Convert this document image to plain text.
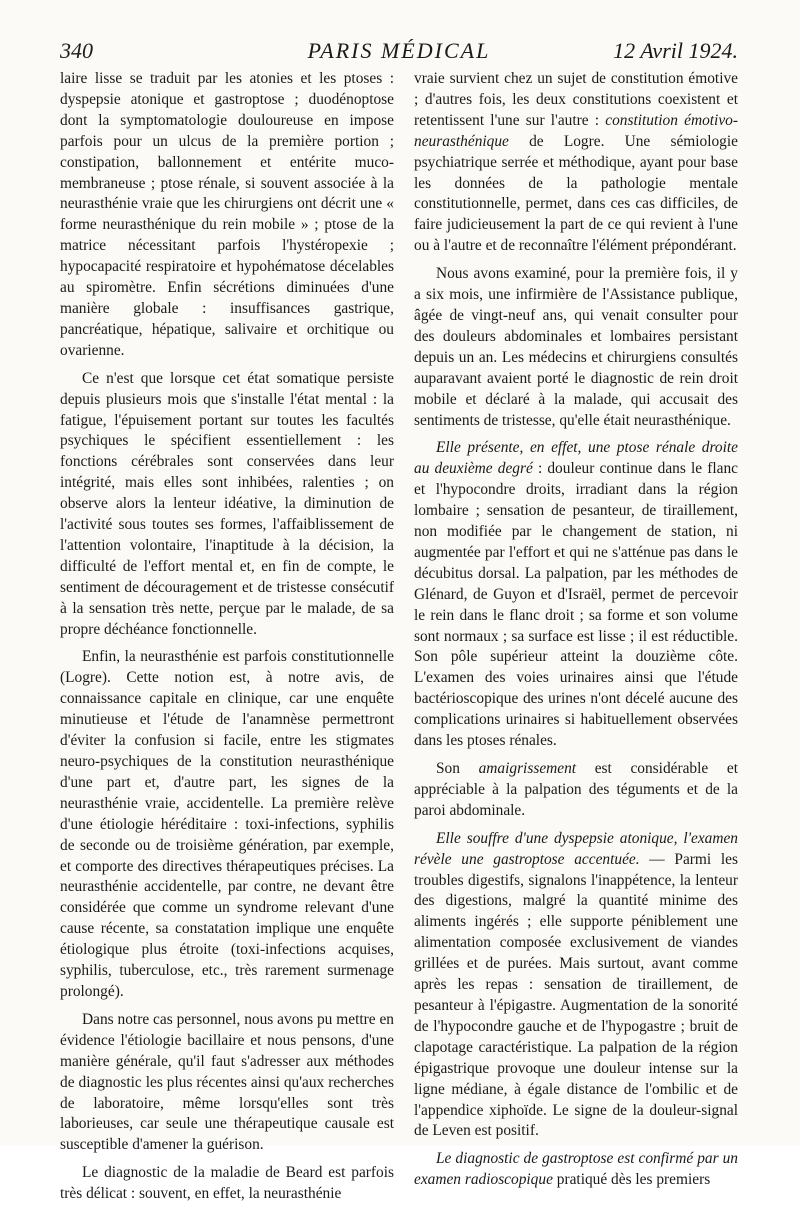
340	PARIS MÉDICAL	12 Avril 1924.

laire lisse se traduit par les atonies et les ptoses : dyspepsie atonique et gastroptose ; duodénoptose dont la symptomatologie douloureuse en impose parfois pour un ulcus de la première portion ; constipation, ballonnement et entérite muco-membraneuse ; ptose rénale, si souvent associée à la neurasthénie vraie que les chirurgiens ont décrit une « forme neurasthénique du rein mobile » ; ptose de la matrice nécessitant parfois l'hystéropexie ; hypocapacité respiratoire et hypohématose décelables au spiromètre. Enfin sécrétions diminuées d'une manière globale : insuffisances gastrique, pancréatique, hépatique, salivaire et orchitique ou ovarienne.

Ce n'est que lorsque cet état somatique persiste depuis plusieurs mois que s'installe l'état mental : la fatigue, l'épuisement portant sur toutes les facultés psychiques le spécifient essentiellement : les fonctions cérébrales sont conservées dans leur intégrité, mais elles sont inhibées, ralenties ; on observe alors la lenteur idéative, la diminution de l'activité sous toutes ses formes, l'affaiblissement de l'attention volontaire, l'inaptitude à la décision, la difficulté de l'effort mental et, en fin de compte, le sentiment de découragement et de tristesse consécutif à la sensation très nette, perçue par le malade, de sa propre déchéance fonctionnelle.

Enfin, la neurasthénie est parfois constitutionnelle (Logre). Cette notion est, à notre avis, de connaissance capitale en clinique, car une enquête minutieuse et l'étude de l'anamnèse permettront d'éviter la confusion si facile, entre les stigmates neuro-psychiques de la constitution neurasthénique d'une part et, d'autre part, les signes de la neurasthénie vraie, accidentelle. La première relève d'une étiologie héréditaire : toxi-infections, syphilis de seconde ou de troisième génération, par exemple, et comporte des directives thérapeutiques précises. La neurasthénie accidentelle, par contre, ne devant être considérée que comme un syndrome relevant d'une cause récente, sa constatation implique une enquête étiologique plus étroite (toxi-infections acquises, syphilis, tuberculose, etc., très rarement surmenage prolongé).

Dans notre cas personnel, nous avons pu mettre en évidence l'étiologie bacillaire et nous pensons, d'une manière générale, qu'il faut s'adresser aux méthodes de diagnostic les plus récentes ainsi qu'aux recherches de laboratoire, même lorsqu'elles sont très laborieuses, car seule une thérapeutique causale est susceptible d'amener la guérison.

Le diagnostic de la maladie de Beard est parfois très délicat : souvent, en effet, la neurasthénie

vraie survient chez un sujet de constitution émotive ; d'autres fois, les deux constitutions coexistent et retentissent l'une sur l'autre : constitution émotivo-neurasthénique de Logre. Une sémiologie psychiatrique serrée et méthodique, ayant pour base les données de la pathologie mentale constitutionnelle, permet, dans ces cas difficiles, de faire judicieusement la part de ce qui revient à l'une ou à l'autre et de reconnaître l'élément prépondérant.

Nous avons examiné, pour la première fois, il y a six mois, une infirmière de l'Assistance publique, âgée de vingt-neuf ans, qui venait consulter pour des douleurs abdominales et lombaires persistant depuis un an. Les médecins et chirurgiens consultés auparavant avaient porté le diagnostic de rein droit mobile et déclaré à la malade, qui accusait des sentiments de tristesse, qu'elle était neurasthénique.

Elle présente, en effet, une ptose rénale droite au deuxième degré : douleur continue dans le flanc et l'hypocondre droits, irradiant dans la région lombaire ; sensation de pesanteur, de tiraillement, non modifiée par le changement de station, ni augmentée par l'effort et qui ne s'atténue pas dans le décubitus dorsal. La palpation, par les méthodes de Glénard, de Guyon et d'Israël, permet de percevoir le rein dans le flanc droit ; sa forme et son volume sont normaux ; sa surface est lisse ; il est réductible. Son pôle supérieur atteint la douzième côte. L'examen des voies urinaires ainsi que l'étude bactérioscopique des urines n'ont décelé aucune des complications urinaires si habituellement observées dans les ptoses rénales.

Son amaigrissement est considérable et appréciable à la palpation des téguments et de la paroi abdominale.

Elle souffre d'une dyspepsie atonique, l'examen révèle une gastroptose accentuée. — Parmi les troubles digestifs, signalons l'inappétence, la lenteur des digestions, malgré la quantité minime des aliments ingérés ; elle supporte péniblement une alimentation composée exclusivement de viandes grillées et de purées. Mais surtout, avant comme après les repas : sensation de tiraillement, de pesanteur à l'épigastre. Augmentation de la sonorité de l'hypocondre gauche et de l'hypogastre ; bruit de clapotage caractéristique. La palpation de la région épigastrique provoque une douleur intense sur la ligne médiane, à égale distance de l'ombilic et de l'appendice xiphoïde. Le signe de la douleur-signal de Leven est positif.

Le diagnostic de gastroptose est confirmé par un examen radioscopique pratiqué dès les premiers
